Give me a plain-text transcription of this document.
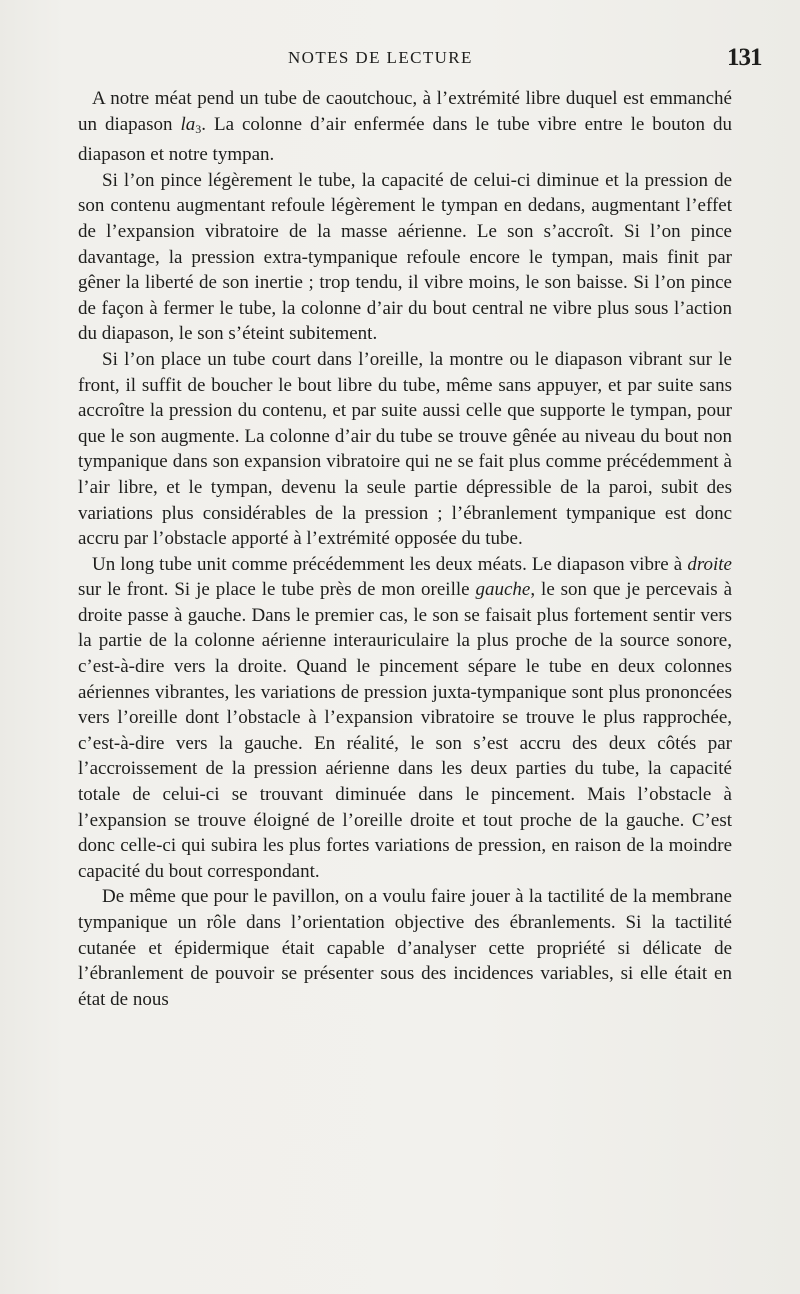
NOTES DE LECTURE	131

A notre méat pend un tube de caoutchouc, à l’extrémité libre duquel est emmanché un diapason $la_3$. La colonne d’air enfermée dans le tube vibre entre le bouton du diapason et notre tympan.

Si l’on pince légèrement le tube, la capacité de celui-ci diminue et la pression de son contenu augmentant refoule légèrement le tympan en dedans, augmentant l’effet de l’expansion vibratoire de la masse aérienne. Le son s’accroît. Si l’on pince davantage, la pression extra-tympanique refoule encore le tympan, mais finit par gêner la liberté de son inertie ; trop tendu, il vibre moins, le son baisse. Si l’on pince de façon à fermer le tube, la colonne d’air du bout central ne vibre plus sous l’action du diapason, le son s’éteint subitement.

Si l’on place un tube court dans l’oreille, la montre ou le diapason vibrant sur le front, il suffit de boucher le bout libre du tube, même sans appuyer, et par suite sans accroître la pression du contenu, et par suite aussi celle que supporte le tympan, pour que le son augmente. La colonne d’air du tube se trouve gênée au niveau du bout non tympanique dans son expansion vibratoire qui ne se fait plus comme précédemment à l’air libre, et le tympan, devenu la seule partie dépressible de la paroi, subit des variations plus considérables de la pression ; l’ébranlement tympanique est donc accru par l’obstacle apporté à l’extrémité opposée du tube.

Un long tube unit comme précédemment les deux méats. Le diapason vibre à droite sur le front. Si je place le tube près de mon oreille gauche, le son que je percevais à droite passe à gauche. Dans le premier cas, le son se faisait plus fortement sentir vers la partie de la colonne aérienne interauriculaire la plus proche de la source sonore, c’est-à-dire vers la droite. Quand le pincement sépare le tube en deux colonnes aériennes vibrantes, les variations de pression juxta-tympanique sont plus prononcées vers l’oreille dont l’obstacle à l’expansion vibratoire se trouve le plus rapprochée, c’est-à-dire vers la gauche. En réalité, le son s’est accru des deux côtés par l’accroissement de la pression aérienne dans les deux parties du tube, la capacité totale de celui-ci se trouvant diminuée dans le pincement. Mais l’obstacle à l’expansion se trouve éloigné de l’oreille droite et tout proche de la gauche. C’est donc celle-ci qui subira les plus fortes variations de pression, en raison de la moindre capacité du bout correspondant.

De même que pour le pavillon, on a voulu faire jouer à la tactilité de la membrane tympanique un rôle dans l’orientation objective des ébranlements. Si la tactilité cutanée et épidermique était capable d’analyser cette propriété si délicate de l’ébranlement de pouvoir se présenter sous des incidences variables, si elle était en état de nous
